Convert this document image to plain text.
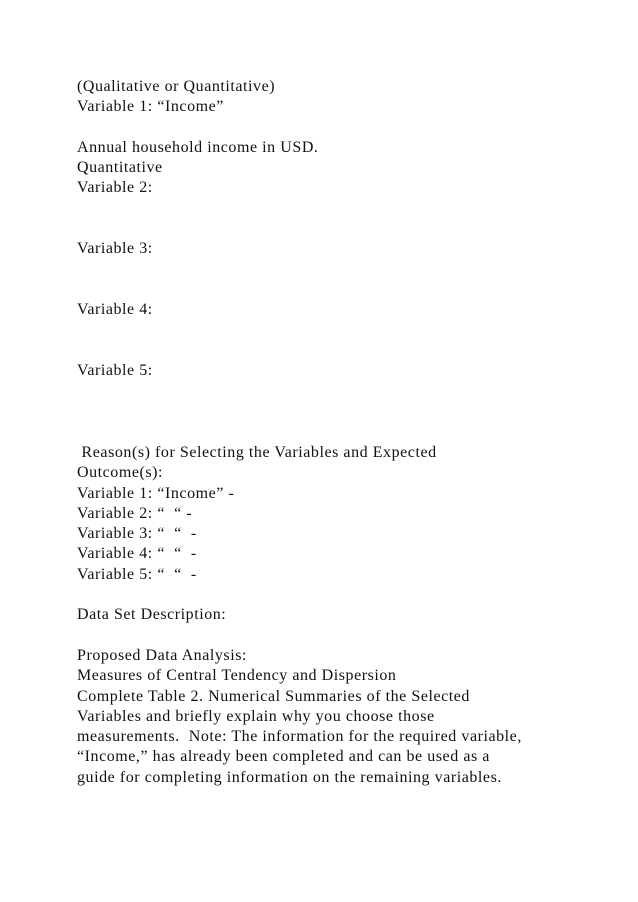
(Qualitative or Quantitative)
Variable 1: “Income”
Annual household income in USD.
Quantitative
Variable 2:
Variable 3:
Variable 4:
Variable 5:
Reason(s) for Selecting the Variables and Expected
Outcome(s):
Variable 1: “Income” -
Variable 2: “  “ -
Variable 3: “  “  -
Variable 4: “  “  -
Variable 5: “  “  -
Data Set Description:
Proposed Data Analysis:
Measures of Central Tendency and Dispersion
Complete Table 2. Numerical Summaries of the Selected
Variables and briefly explain why you choose those
measurements.  Note: The information for the required variable,
“Income,” has already been completed and can be used as a
guide for completing information on the remaining variables.
